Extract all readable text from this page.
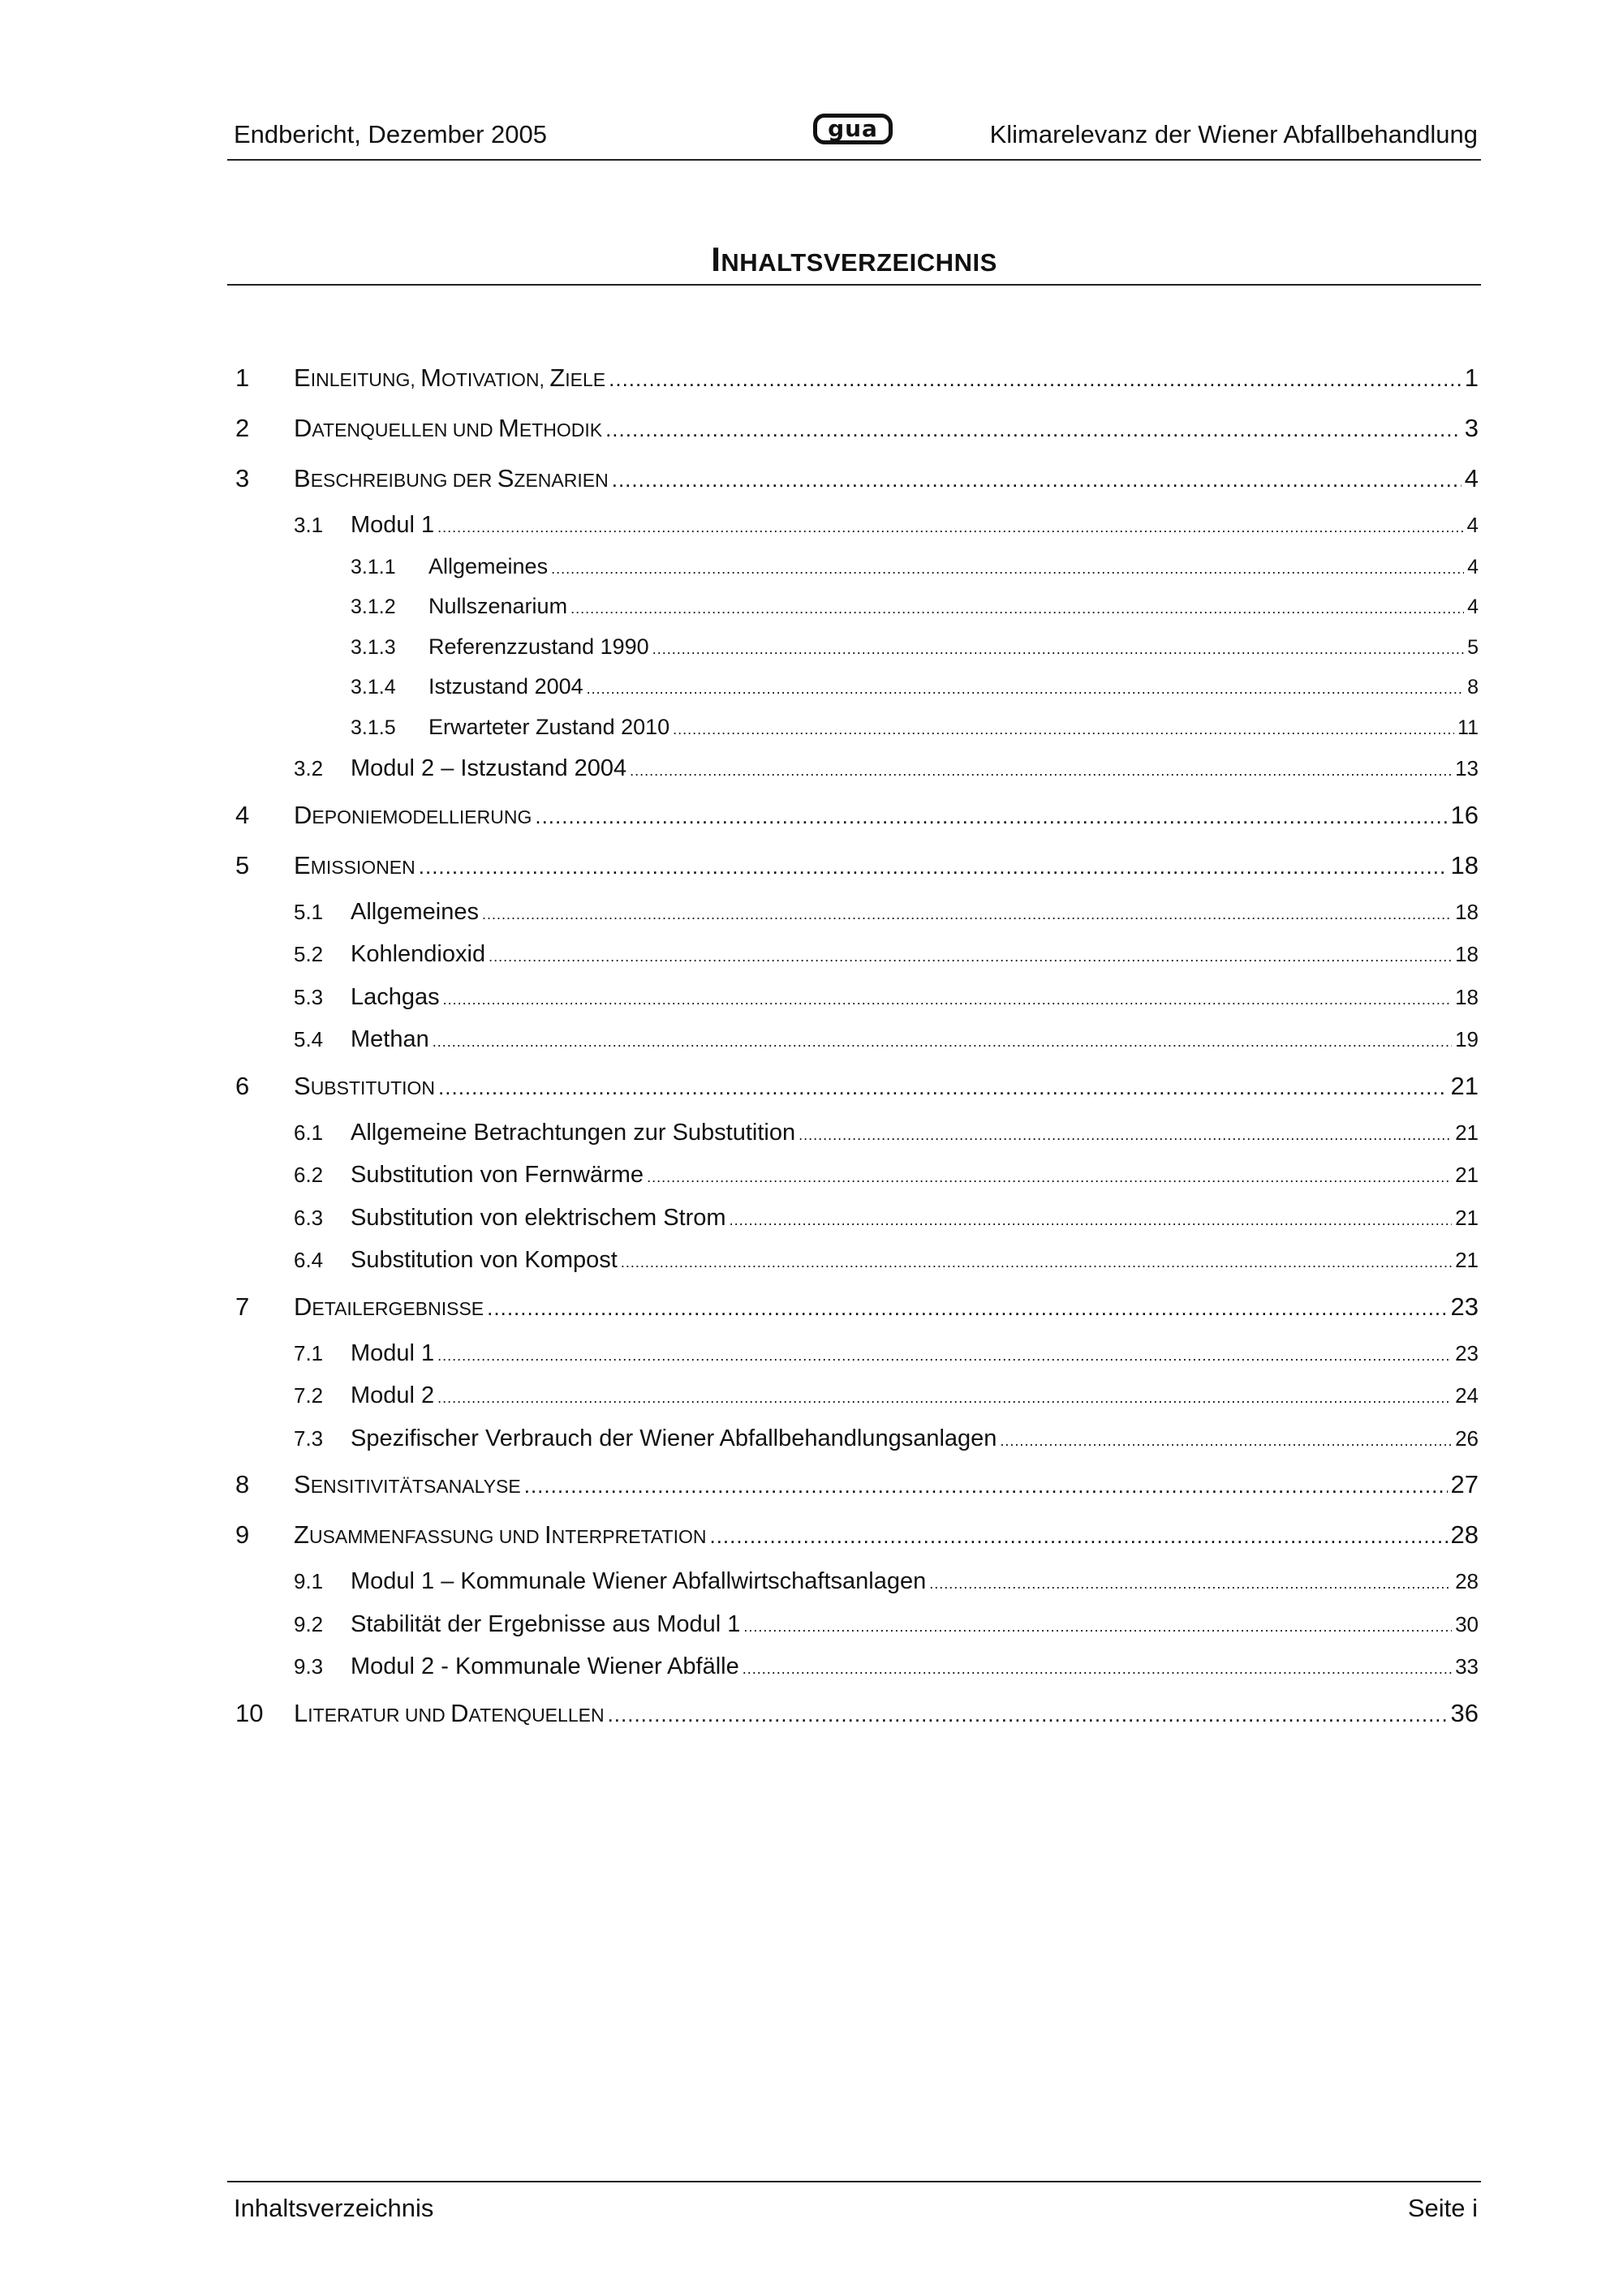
Endbericht, Dezember 2005	gua	Klimarelevanz der Wiener Abfallbehandlung
INHALTSVERZEICHNIS
1	EINLEITUNG, MOTIVATION, ZIELE .....	1
2	DATENQUELLEN UND METHODIK .....	3
3	BESCHREIBUNG DER SZENARIEN .....	4
3.1	Modul 1 .....	4
3.1.1	Allgemeines .....	4
3.1.2	Nullszenarium .....	4
3.1.3	Referenzzustand 1990 .....	5
3.1.4	Istzustand 2004 .....	8
3.1.5	Erwarteter Zustand 2010 .....	11
3.2	Modul 2 – Istzustand 2004 .....	13
4	DEPONIEMODELLIERUNG .....	16
5	EMISSIONEN .....	18
5.1	Allgemeines .....	18
5.2	Kohlendioxid .....	18
5.3	Lachgas .....	18
5.4	Methan .....	19
6	SUBSTITUTION .....	21
6.1	Allgemeine Betrachtungen zur Substutition .....	21
6.2	Substitution von Fernwärme .....	21
6.3	Substitution von elektrischem Strom .....	21
6.4	Substitution von Kompost .....	21
7	DETAILERGEBNISSE .....	23
7.1	Modul 1 .....	23
7.2	Modul 2 .....	24
7.3	Spezifischer Verbrauch der Wiener Abfallbehandlungsanlagen .....	26
8	SENSITIVITÄTSANALYSE .....	27
9	ZUSAMMENFASSUNG UND INTERPRETATION .....	28
9.1	Modul 1 – Kommunale Wiener Abfallwirtschaftsanlagen .....	28
9.2	Stabilität der Ergebnisse aus Modul 1 .....	30
9.3	Modul 2 - Kommunale Wiener Abfälle .....	33
10	LITERATUR UND DATENQUELLEN .....	36
Inhaltsverzeichnis	Seite i
